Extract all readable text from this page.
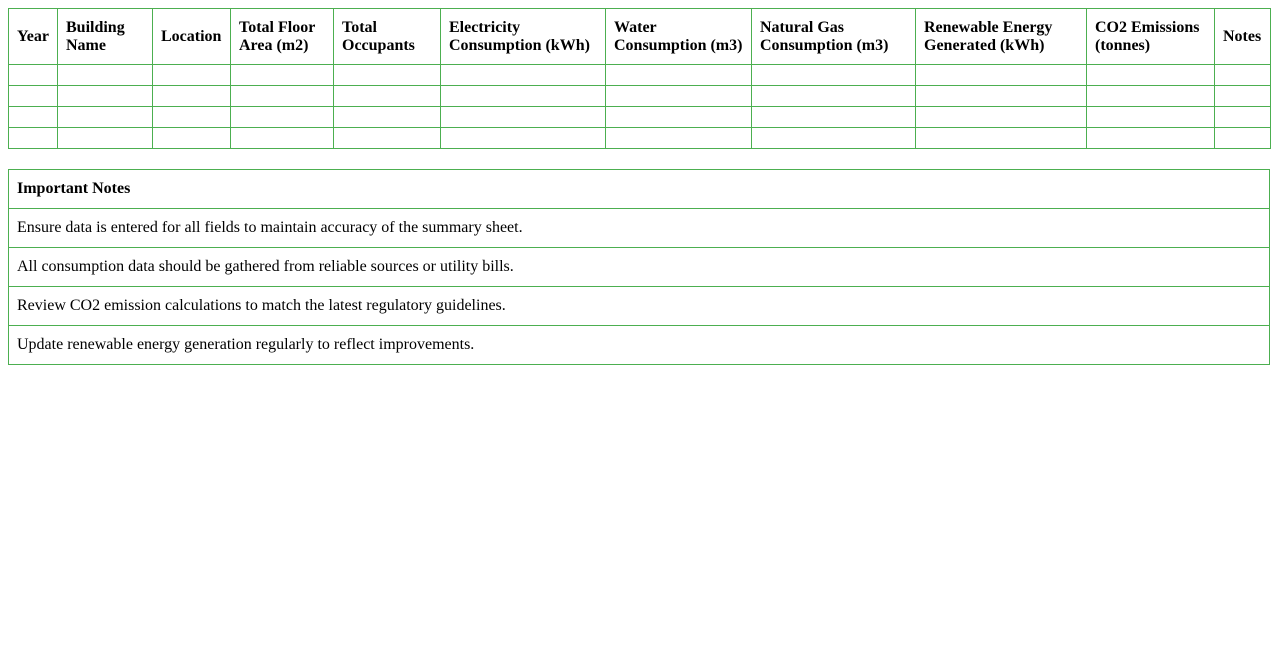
Year	Building Name	Location	Total Floor Area (m2)	Total Occupants	Electricity Consumption (kWh)	Water Consumption (m3)	Natural Gas Consumption (m3)	Renewable Energy Generated (kWh)	CO2 Emissions (tonnes)	Notes

Important Notes
Ensure data is entered for all fields to maintain accuracy of the summary sheet.
All consumption data should be gathered from reliable sources or utility bills.
Review CO2 emission calculations to match the latest regulatory guidelines.
Update renewable energy generation regularly to reflect improvements.
